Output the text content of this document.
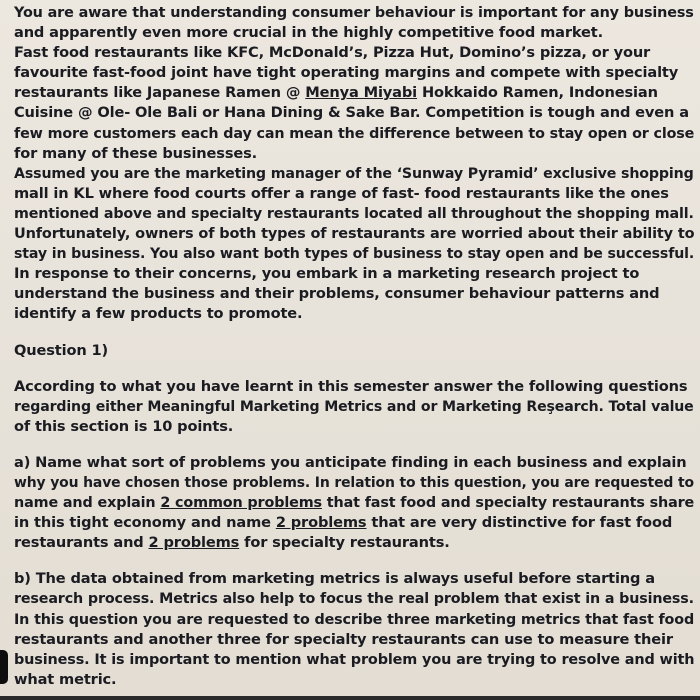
You are aware that understanding consumer behaviour is important for any business
and apparently even more crucial in the highly competitive food market.
Fast food restaurants like KFC, McDonald’s, Pizza Hut, Domino’s pizza, or your
favourite fast-food joint have tight operating margins and compete with specialty
restaurants like Japanese Ramen @ Menya Miyabi Hokkaido Ramen, Indonesian
Cuisine @ Ole- Ole Bali or Hana Dining & Sake Bar. Competition is tough and even a
few more customers each day can mean the difference between to stay open or close
for many of these businesses.
Assumed you are the marketing manager of the ‘Sunway Pyramid’ exclusive shopping
mall in KL where food courts offer a range of fast- food restaurants like the ones
mentioned above and specialty restaurants located all throughout the shopping mall.
Unfortunately, owners of both types of restaurants are worried about their ability to
stay in business. You also want both types of business to stay open and be successful.
In response to their concerns, you embark in a marketing research project to
understand the business and their problems, consumer behaviour patterns and
identify a few products to promote.
Question 1)
According to what you have learnt in this semester answer the following questions
regarding either Meaningful Marketing Metrics and or Marketing Reşearch. Total value
of this section is 10 points.
a) Name what sort of problems you anticipate finding in each business and explain
why you have chosen those problems. In relation to this question, you are requested to
name and explain 2 common problems that fast food and specialty restaurants share
in this tight economy and name 2 problems that are very distinctive for fast food
restaurants and 2 problems for specialty restaurants.
b) The data obtained from marketing metrics is always useful before starting a
research process. Metrics also help to focus the real problem that exist in a business.
In this question you are requested to describe three marketing metrics that fast food
restaurants and another three for specialty restaurants can use to measure their
business. It is important to mention what problem you are trying to resolve and with
what metric.
